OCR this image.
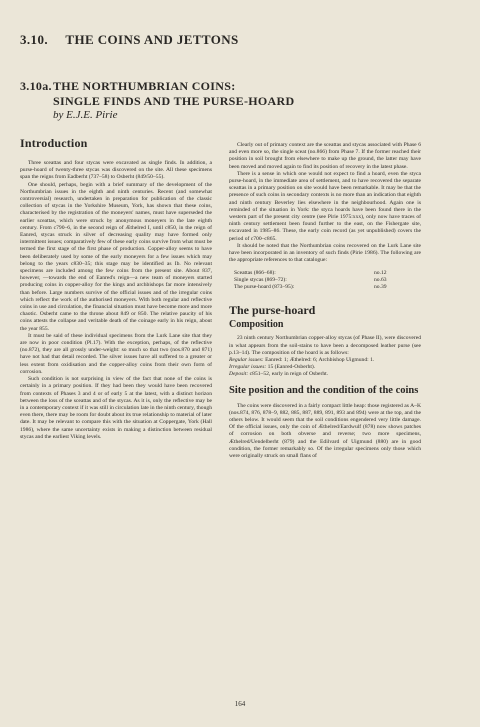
3.10. THE COINS AND JETTONS
3.10a.THE NORTHUMBRIAN COINS:
SINGLE FINDS AND THE PURSE-HOARD
by E.J.E. Pirie
Introduction

Three sceattas and four stycas were excavated as single finds. In addition, a purse-hoard of twenty-three stycas was discovered on the site. All these specimens span the reigns from Eadberht (737–58) to Osberht (849/50–55).

One should, perhaps, begin with a brief summary of the development of the Northumbrian issues in the eighth and ninth centuries. Recent (and somewhat controversial) research, undertaken in preparation for publication of the classic collection of stycas in the Yorkshire Museum, York, has shown that these coins, characterised by the registration of the moneyers' names, must have superseded the earlier sceattas, which were struck by anonymous moneyers in the late eighth century. From c790–6, in the second reign of Æthelred I, until c850, in the reign of Eanred, stycas struck in silver of decreasing quality may have formed only intermittent issues; comparatively few of these early coins survive from what must be termed the first stage of the first phase of production. Copper-alloy seems to have been deliberately used by some of the early moneyers for a few issues which may belong to the years c830–35; this stage may be identified as Ib. No relevant specimens are included among the few coins from the present site. About 837, however, —towards the end of Eanred's reign—a new team of moneyers started producing coins in copper-alloy for the kings and archbishops far more intensively than before. Large numbers survive of the official issues and of the irregular coins which reflect the work of the authorised moneyers. With both regular and reflective coins in use and circulation, the financial situation must have become more and more chaotic. Osberht came to the throne about 849 or 850. The relative paucity of his coins attests the collapse and veritable death of the coinage early in his reign, about the year 855.

It must be said of these individual specimens from the Lurk Lane site that they are now in poor condition (Pl.17). With the exception, perhaps, of the reflective (no.872), they are all grossly under-weight: so much so that two (nos.870 and 871) have not had that detail recorded. The silver issues have all suffered to a greater or less extent from oxidisation and the copper-alloy coins from their own form of corrosion.

Such condition is not surprising in view of the fact that none of the coins is certainly in a primary position. If they had been they would have been recovered from contexts of Phases 3 and 4 or of early 5 at the latest, with a distinct horizon between the loss of the sceattas and of the stycas. As it is, only the reflective may be in a contemporary context if it was still in circulation late in the ninth century, though even there, there may be room for doubt about its true relationship to material of later date. It may be relevant to compare this with the situation at Coppergate, York (Hall 1986), where the same uncertainty exists in making a distinction between residual stycas and the earliest Viking levels.

Clearly out of primary context are the sceattas and stycas associated with Phase 6 and even more so, the single sceat (no.866) from Phase 7. If the former reached their position in soil brought from elsewhere to make up the ground, the latter may have been moved and moved again to find its position of recovery in the latest phase.

There is a sense in which one would not expect to find a hoard, even the styca purse-hoard, in the immediate area of settlement, and to have recovered the separate sceattas in a primary position on site would have been remarkable. It may be that the presence of such coins in secondary contexts is no more than an indication that eighth and ninth century Beverley lies elsewhere in the neighbourhood. Again one is reminded of the situation in York: the styca hoards have been found there in the western part of the present city centre (see Pirie 1975:xxx), only now have traces of ninth century settlement been found further to the east, on the Fishergate site, excavated in 1985–86. These, the early coin record (as yet unpublished) covers the period of c700–c865.

It should be noted that the Northumbrian coins recovered on the Lurk Lane site have been incorporated in an inventory of such finds (Pirie 1986). The following are the appropriate references to that catalogue:

Sceattas (866–68):	no.12
Single stycas (869–72):	no.63
The purse-hoard (873–95):	no.39
The purse-hoard
Composition

23 ninth century Northumbrian copper-alloy stycas (of Phase II), were discovered in what appears from the soil-stains to have been a decomposed leather purse (see p.13–14). The composition of the hoard is as follows:

Regular issues: Eanred: 1; Æthelred: 6; Archbishop Uigmund: 1.

Irregular issues: 15 (Eanred-Osberht).

Deposit: c851–52, early in reign of Osberht.

Site position and the condition of the coins

The coins were discovered in a fairly compact little heap: those registered as A–K (nos.874, 876, 878–9, 882, 885, 887, 889, 891, 893 and 894) were at the top, and the others below. It would seem that the soil conditions engendered very little damage. Of the official issues, only the coin of Æthelred/Eardwulf (878) now shows patches of corrosion on both obverse and reverse; two more specimens, Æthelred/Uendelberht (879) and the Edilvard of Uigmund (880) are in good condition, the former remarkably so. Of the irregular specimens only those which were originally struck on small flans of

164
